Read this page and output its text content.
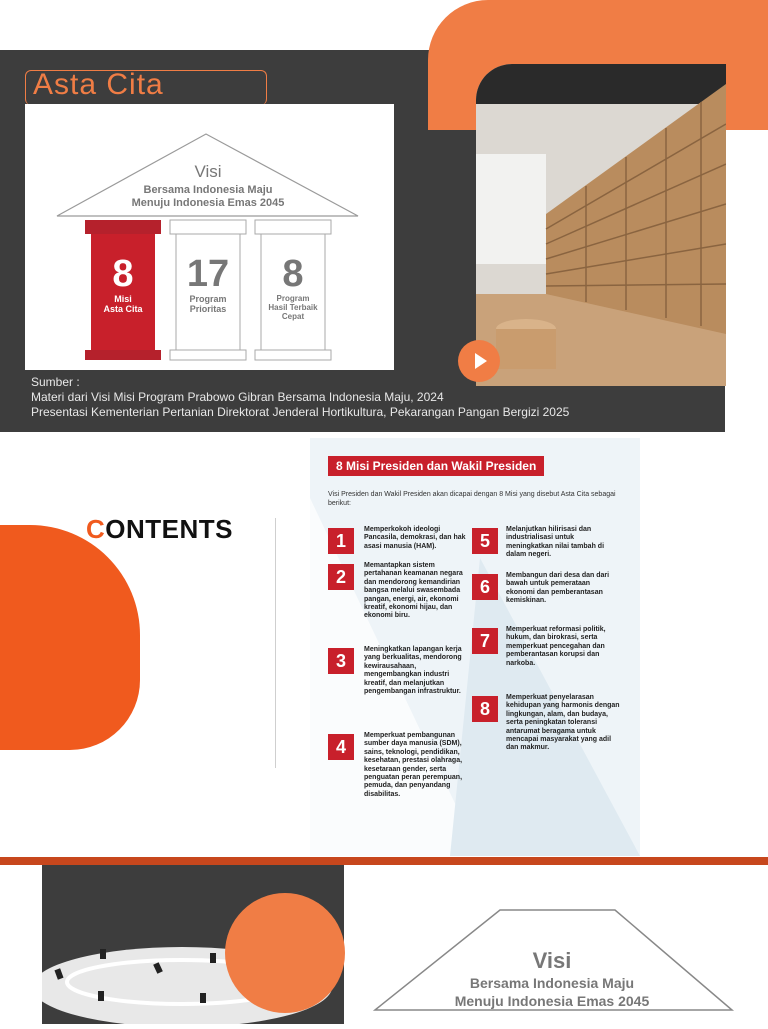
Asta Cita
Visi
Bersama Indonesia Maju
Menuju Indonesia Emas 2045
8
Misi
Asta Cita
17
Program
Prioritas
8
Program
Hasil Terbaik
Cepat
Sumber :
Materi dari Visi Misi Program Prabowo Gibran Bersama Indonesia Maju, 2024
Presentasi Kementerian Pertanian Direktorat Jenderal Hortikultura, Pekarangan Pangan Bergizi 2025
CONTENTS
8 Misi Presiden dan Wakil Presiden
Visi Presiden dan Wakil Presiden akan dicapai dengan 8 Misi yang disebut Asta Cita sebagai berikut:
1
Memperkokoh ideologi Pancasila, demokrasi, dan hak asasi manusia (HAM).
2
Memantapkan sistem pertahanan keamanan negara dan mendorong kemandirian bangsa melalui swasembada pangan, energi, air, ekonomi kreatif, ekonomi hijau, dan ekonomi biru.
3
Meningkatkan lapangan kerja yang berkualitas, mendorong kewirausahaan, mengembangkan industri kreatif, dan melanjutkan pengembangan infrastruktur.
4
Memperkuat pembangunan sumber daya manusia (SDM), sains, teknologi, pendidikan, kesehatan, prestasi olahraga, kesetaraan gender, serta penguatan peran perempuan, pemuda, dan penyandang disabilitas.
5
Melanjutkan hilirisasi dan industrialisasi untuk meningkatkan nilai tambah di dalam negeri.
6
Membangun dari desa dan dari bawah untuk pemerataan ekonomi dan pemberantasan kemiskinan.
7
Memperkuat reformasi politik, hukum, dan birokrasi, serta memperkuat pencegahan dan pemberantasan korupsi dan narkoba.
8
Memperkuat penyelarasan kehidupan yang harmonis dengan lingkungan, alam, dan budaya, serta peningkatan toleransi antarumat beragama untuk mencapai masyarakat yang adil dan makmur.
Visi
Bersama Indonesia Maju
Menuju Indonesia Emas 2045
